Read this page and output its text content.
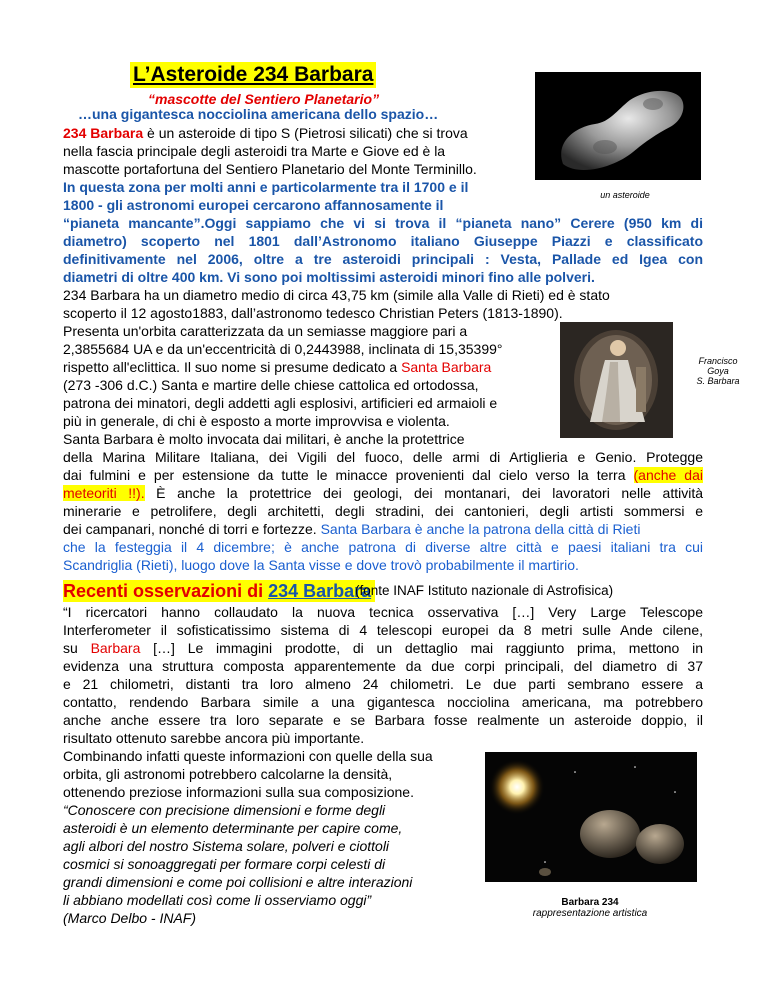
L’Asteroide 234 Barbara
“mascotte del Sentiero Planetario”
…una gigantesca nocciolina americana dello spazio…
un asteroide
234 Barbara è un asteroide di tipo S (Pietrosi silicati) che si trova
nella fascia principale degli asteroidi tra Marte e Giove ed è la
mascotte portafortuna del Sentiero Planetario del Monte Terminillo.
In questa zona per molti anni e particolarmente tra il 1700 e il
1800 - gli astronomi europei cercarono affannosamente il
“pianeta mancante”.Oggi sappiamo che vi si trova il “pianeta nano” Cerere (950 km di
diametro) scoperto nel 1801 dall’Astronomo italiano Giuseppe Piazzi e classificato
definitivamente nel 2006, oltre a tre asteroidi principali : Vesta, Pallade ed Igea con
diametri di oltre 400 km. Vi sono poi moltissimi asteroidi minori fino alle polveri.
Francisco
Goya
S. Barbara
234 Barbara ha un diametro medio di circa 43,75 km (simile alla Valle di Rieti) ed è stato
scoperto il 12 agosto1883, dall’astronomo tedesco Christian Peters (1813-1890).
Presenta un'orbita caratterizzata da un semiasse maggiore pari a
2,3855684 UA e da un'eccentricità di 0,2443988, inclinata di 15,35399°
rispetto all'eclittica. Il suo nome si presume dedicato a Santa Barbara
(273 -306 d.C.) Santa e martire delle chiese cattolica ed ortodossa,
patrona dei minatori, degli addetti agli esplosivi, artificieri ed armaioli e
più in generale, di chi è esposto a morte improvvisa e violenta.
Santa Barbara è molto invocata dai militari, è anche la protettrice
della Marina Militare Italiana, dei Vigili del fuoco, delle armi di Artiglieria e Genio. Protegge
dai fulmini e per estensione da tutte le minacce provenienti dal cielo verso la terra (anche dai
meteoriti !!). È anche la protettrice dei geologi, dei montanari, dei lavoratori nelle attività
minerarie e petrolifere, degli architetti, degli stradini, dei cantonieri, degli artisti sommersi e
dei campanari, nonché di torri e fortezze. Santa Barbara è anche la patrona della città di Rieti
che la festeggia il 4 dicembre; è anche patrona di diverse altre città e paesi italiani tra cui
Scandriglia (Rieti), luogo dove la Santa visse e dove trovò probabilmente il martirio.
Recenti osservazioni di 234 Barbara
(fonte INAF Istituto nazionale di Astrofisica)
“I ricercatori hanno collaudato la nuova tecnica osservativa […] Very Large Telescope
Interferometer il sofisticatissimo sistema di 4 telescopi europei da 8 metri sulle Ande cilene,
su Barbara […] Le immagini prodotte, di un dettaglio mai raggiunto prima, mettono in
evidenza una struttura composta apparentemente da due corpi principali, del diametro di 37
e 21 chilometri, distanti tra loro almeno 24 chilometri. Le due parti sembrano essere a
contatto, rendendo Barbara simile a una gigantesca nocciolina americana, ma potrebbero
anche anche essere tra loro separate e se Barbara fosse realmente un asteroide doppio, il
risultato ottenuto sarebbe ancora più importante.
Combinando infatti queste informazioni con quelle della sua
orbita, gli astronomi potrebbero calcolarne la densità,
ottenendo preziose informazioni sulla sua composizione.
“Conoscere con precisione dimensioni e forme degli
asteroidi è un elemento determinante per capire come,
agli albori del nostro Sistema solare, polveri e ciottoli
cosmici si sonoaggregati per formare corpi celesti di
grandi dimensioni e come poi collisioni e altre interazioni
li abbiano modellati così come li osserviamo oggi”
(Marco Delbo - INAF)
Barbara 234
rappresentazione artistica
